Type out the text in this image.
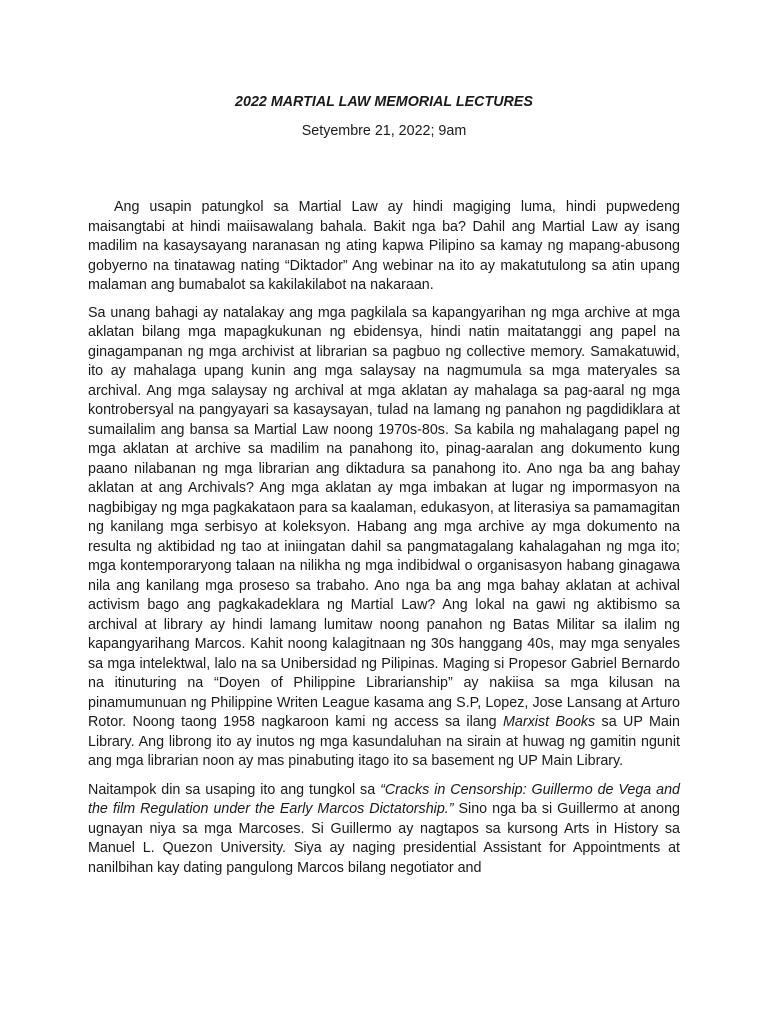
2022 MARTIAL LAW MEMORIAL LECTURES

Setyembre 21, 2022; 9am

Ang usapin patungkol sa Martial Law ay hindi magiging luma, hindi pupwedeng maisangtabi at hindi maiisawalang bahala. Bakit nga ba? Dahil ang Martial Law ay isang madilim na kasaysayang naranasan ng ating kapwa Pilipino sa kamay ng mapang-abusong gobyerno na tinatawag nating “Diktador” Ang webinar na ito ay makatutulong sa atin upang malaman ang bumabalot sa kakilakilabot na nakaraan.

Sa unang bahagi ay natalakay ang mga pagkilala sa kapangyarihan ng mga archive at mga aklatan bilang mga mapagkukunan ng ebidensya, hindi natin maitatanggi ang papel na ginagampanan ng mga archivist at librarian sa pagbuo ng collective memory. Samakatuwid, ito ay mahalaga upang kunin ang mga salaysay na nagmumula sa mga materyales sa archival. Ang mga salaysay ng archival at mga aklatan ay mahalaga sa pag-aaral ng mga kontrobersyal na pangyayari sa kasaysayan, tulad na lamang ng panahon ng pagdidiklara at sumailalim ang bansa sa Martial Law noong 1970s-80s. Sa kabila ng mahalagang papel ng mga aklatan at archive sa madilim na panahong ito, pinag-aaralan ang dokumento kung paano nilabanan ng mga librarian ang diktadura sa panahong ito. Ano nga ba ang bahay aklatan at ang Archivals? Ang mga aklatan ay mga imbakan at lugar ng impormasyon na nagbibigay ng mga pagkakataon para sa kaalaman, edukasyon, at literasiya sa pamamagitan ng kanilang mga serbisyo at koleksyon. Habang ang mga archive ay mga dokumento na resulta ng aktibidad ng tao at iniingatan dahil sa pangmatagalang kahalagahan ng mga ito; mga kontemporaryong talaan na nilikha ng mga indibidwal o organisasyon habang ginagawa nila ang kanilang mga proseso sa trabaho. Ano nga ba ang mga bahay aklatan at achival activism bago ang pagkakadeklara ng Martial Law? Ang lokal na gawi ng aktibismo sa archival at library ay hindi lamang lumitaw noong panahon ng Batas Militar sa ilalim ng kapangyarihang Marcos. Kahit noong kalagitnaan ng 30s hanggang 40s, may mga senyales sa mga intelektwal, lalo na sa Unibersidad ng Pilipinas. Maging si Propesor Gabriel Bernardo na itinuturing na “Doyen of Philippine Librarianship” ay nakiisa sa mga kilusan na pinamumunuan ng Philippine Writen League kasama ang S.P, Lopez, Jose Lansang at Arturo Rotor. Noong taong 1958 nagkaroon kami ng access sa ilang Marxist Books sa UP Main Library. Ang librong ito ay inutos ng mga kasundaluhan na sirain at huwag ng gamitin ngunit ang mga librarian noon ay mas pinabuting itago ito sa basement ng UP Main Library.

Naitampok din sa usaping ito ang tungkol sa “Cracks in Censorship: Guillermo de Vega and the film Regulation under the Early Marcos Dictatorship.” Sino nga ba si Guillermo at anong ugnayan niya sa mga Marcoses. Si Guillermo ay nagtapos sa kursong Arts in History sa Manuel L. Quezon University. Siya ay naging presidential Assistant for Appointments at nanilbihan kay dating pangulong Marcos bilang negotiator and
